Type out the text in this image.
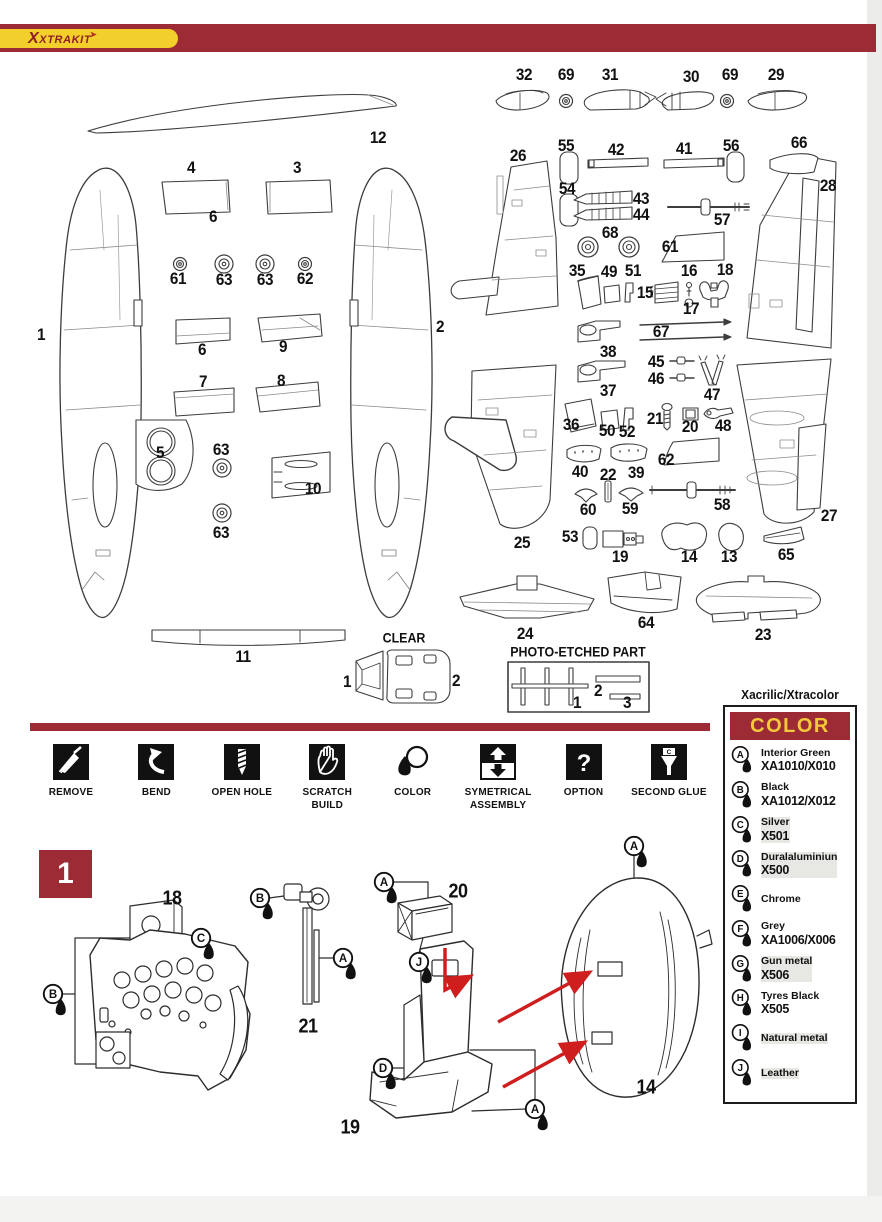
➤
XXTRAKIT
CLEAR
PHOTO-ETCHED PART
32 69 31	30 69 29
12
4	3
6
26
55 42	41 56	66
28
54
43
44	57
68
61
61 63 63 62	35 49 51
15
16 18
17
1	2
6	9
67
7	8
38
45
46
47
37
36 50 52
21 20 48
5	63
10
62
40 22 39
60 59	58
63
25 53
19	14 13 65
27
11
24
64
23
1	2
1
2
3
18
21
20
19
14
REMOVE	BEND	OPEN HOLE	SCRATCH BUILD
COLOR	SYMETRICAL ASSEMBLY
?
OPTION
C
SECOND GLUE
Xacrilic/Xtracolor
COLOR
A Interior Green
XA1010/X010
B Black
XA1012/X012
C Silver
X501
D Duralaluminiun
X500
E Chrome
F Grey
XA1006/X006
G Gun metal
X506
H Tyres Black
X505
I Natural metal
J Leather
1	A
J
B
A
B
C
D
A
A
